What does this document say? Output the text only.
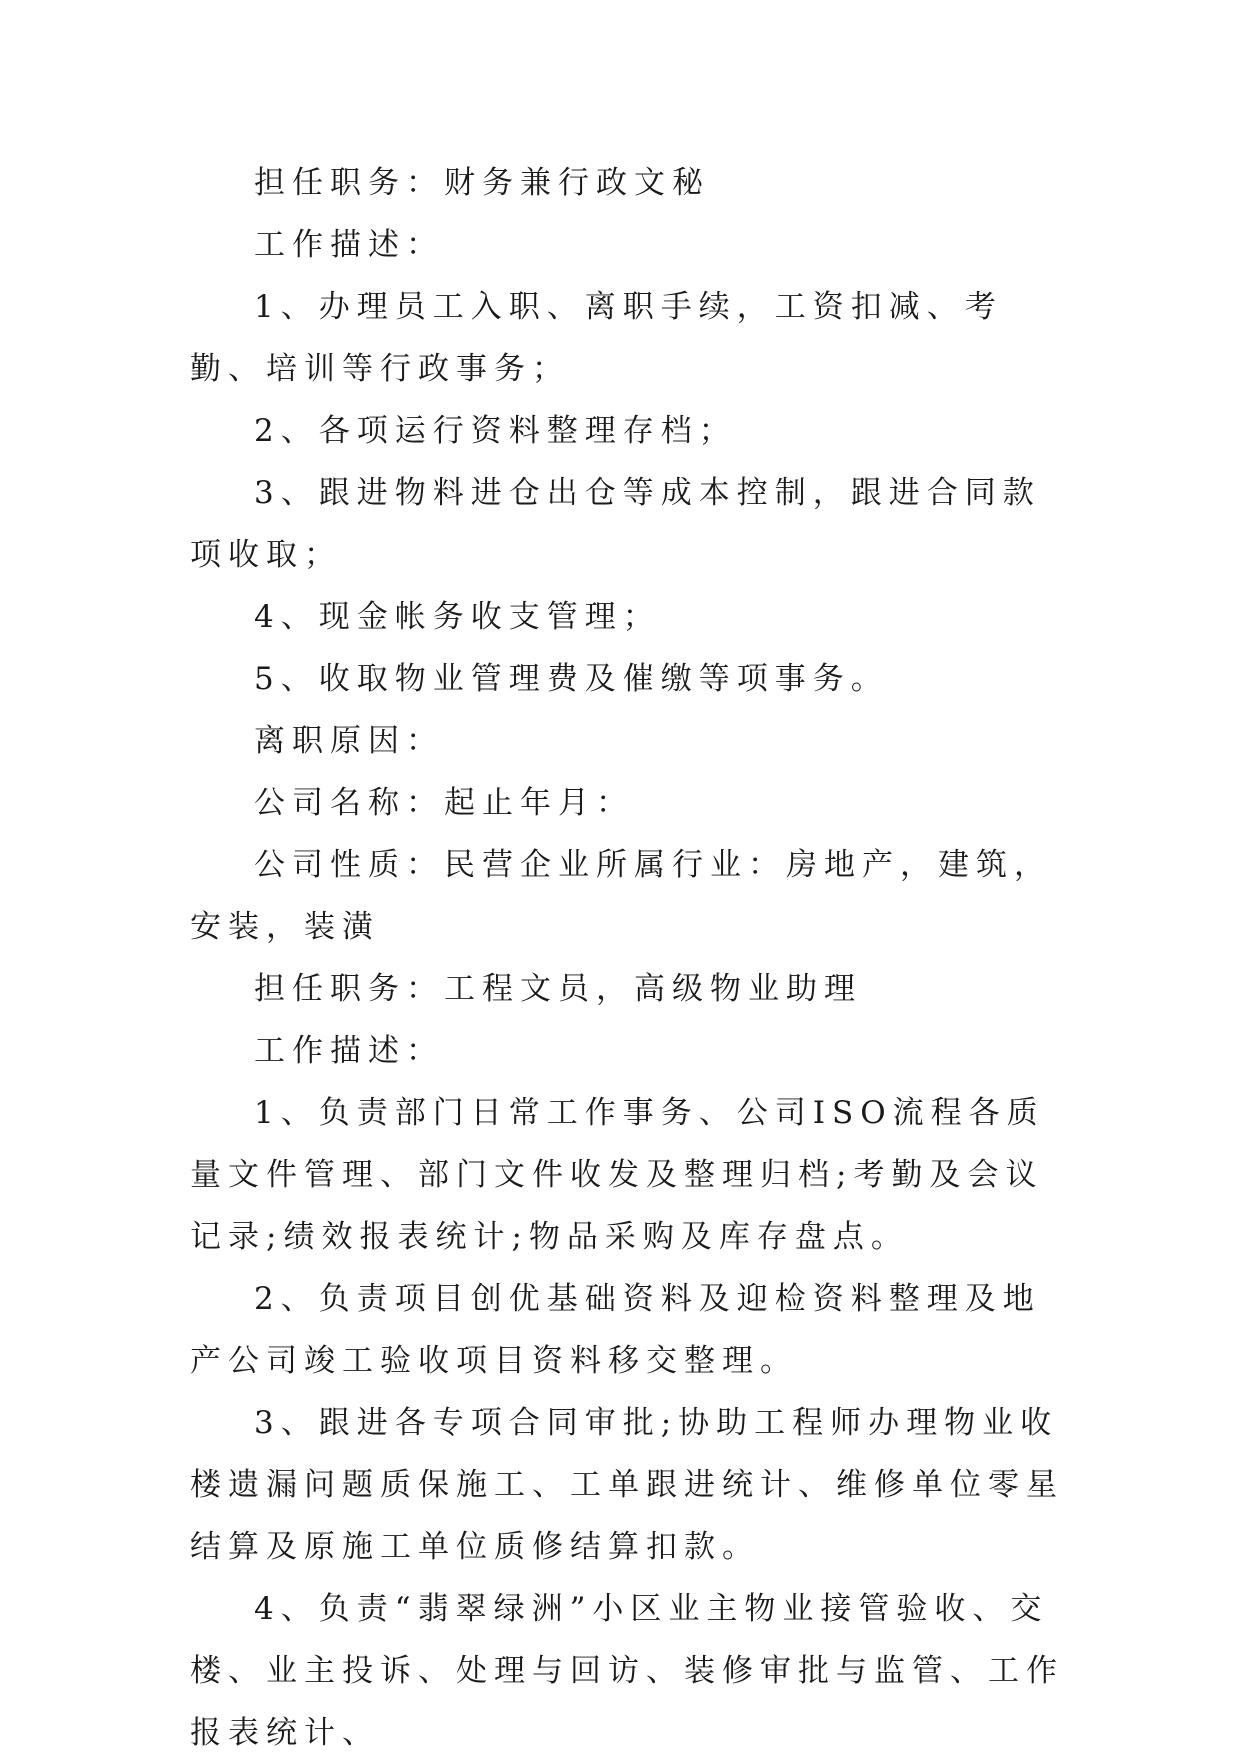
担任职务：财务兼行政文秘

工作描述：

1、办理员工入职、离职手续，工资扣减、考勤、培训等行政事务；

2、各项运行资料整理存档；

3、跟进物料进仓出仓等成本控制，跟进合同款项收取；

4、现金帐务收支管理；

5、收取物业管理费及催缴等项事务。

离职原因：

公司名称：起止年月：

公司性质：民营企业所属行业：房地产，建筑，安装，装潢

担任职务：工程文员，高级物业助理

工作描述：

1、负责部门日常工作事务、公司ISO流程各质量文件管理、部门文件收发及整理归档;考勤及会议记录;绩效报表统计;物品采购及库存盘点。

2、负责项目创优基础资料及迎检资料整理及地产公司竣工验收项目资料移交整理。

3、跟进各专项合同审批;协助工程师办理物业收楼遗漏问题质保施工、工单跟进统计、维修单位零星结算及原施工单位质修结算扣款。

4、负责“翡翠绿洲”小区业主物业接管验收、交楼、业主投诉、处理与回访、装修审批与监管、工作报表统计、
